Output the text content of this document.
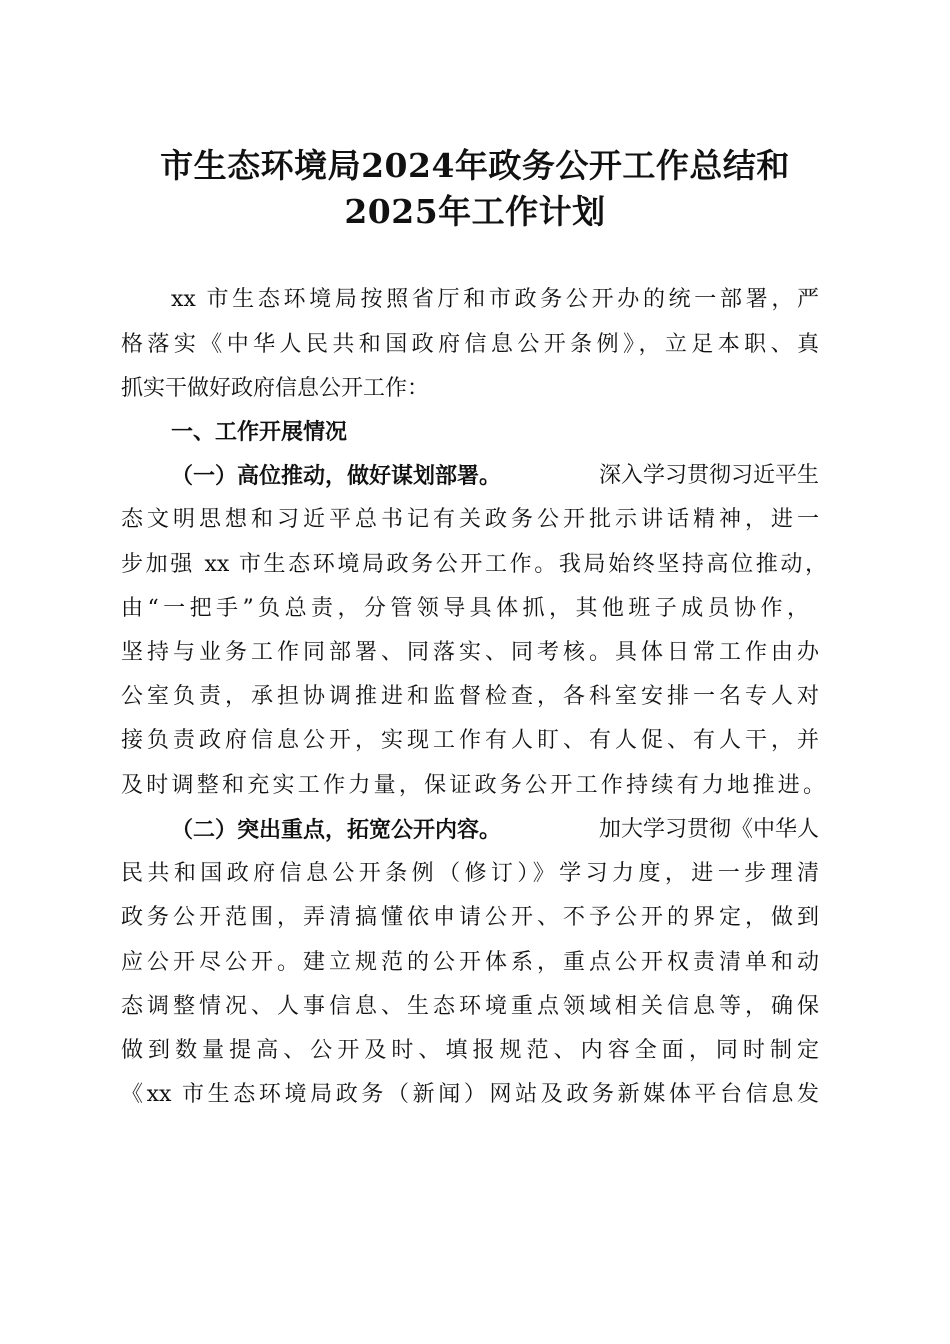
市生态环境局2024年政务公开工作总结和
2025年工作计划
xx 市生态环境局按照省厅和市政务公开办的统一部署，严
格落实《中华人民共和国政府信息公开条例》，立足本职、真
抓实干做好政府信息公开工作：
一、工作开展情况
（一）高位推动，做好谋划部署。	深入学习贯彻习近平生
态文明思想和习近平总书记有关政务公开批示讲话精神，进一
步加强 xx 市生态环境局政务公开工作。我局始终坚持高位推动，
由“一把手”负总责，分管领导具体抓，其他班子成员协作，
坚持与业务工作同部署、同落实、同考核。具体日常工作由办
公室负责，承担协调推进和监督检查，各科室安排一名专人对
接负责政府信息公开，实现工作有人盯、有人促、有人干，并
及时调整和充实工作力量，保证政务公开工作持续有力地推进。
（二）突出重点，拓宽公开内容。	加大学习贯彻《中华人
民共和国政府信息公开条例（修订）》学习力度，进一步理清
政务公开范围，弄清搞懂依申请公开、不予公开的界定，做到
应公开尽公开。建立规范的公开体系，重点公开权责清单和动
态调整情况、人事信息、生态环境重点领域相关信息等，确保
做到数量提高、公开及时、填报规范、内容全面，同时制定
《xx 市生态环境局政务（新闻）网站及政务新媒体平台信息发
